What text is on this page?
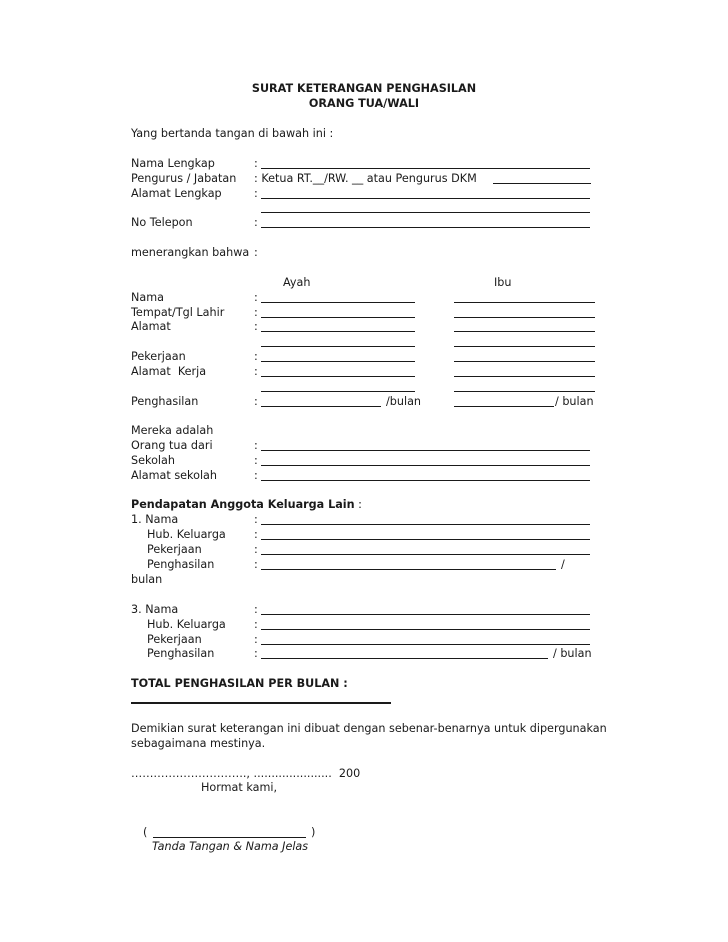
SURAT KETERANGAN PENGHASILAN
ORANG TUA/WALI
Yang bertanda tangan di bawah ini :
Nama Lengkap	:
Pengurus / Jabatan : Ketua RT.__/RW. __ atau Pengurus DKM
Alamat Lengkap	:
No Telepon	:
menerangkan bahwa :
Ayah	Ibu
Nama	:
Tempat/Tgl Lahir	:
Alamat	:
Pekerjaan	:
Alamat  Kerja	:
Penghasilan	:	/bulan	/ bulan
Mereka adalah
Orang tua dari	:
Sekolah	:
Alamat sekolah	:
Pendapatan Anggota Keluarga Lain :
1. Nama	:
Hub. Keluarga	:
Pekerjaan	:
Penghasilan	:	/
bulan
3. Nama	:
Hub. Keluarga	:
Pekerjaan	:
Penghasilan	:	/ bulan
TOTAL PENGHASILAN PER BULAN :
Demikian surat keterangan ini dibuat dengan sebenar-benarnya untuk dipergunakan
sebagaimana mestinya.
…………………………., ......................  200
Hormat kami,
(	)
Tanda Tangan & Nama Jelas
